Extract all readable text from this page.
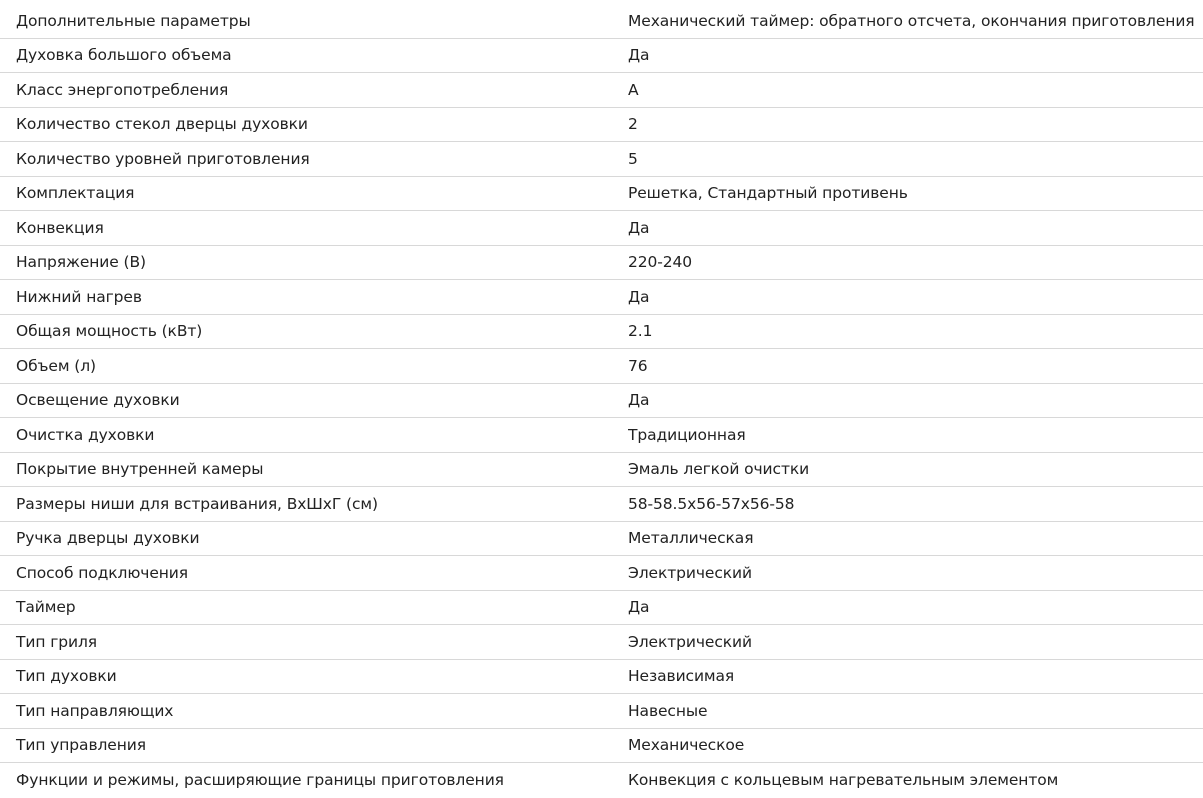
Дополнительные параметры	Механический таймер: обратного отсчета, окончания приготовления
Духовка большого объема	Да
Класс энергопотребления	A
Количество стекол дверцы духовки	2
Количество уровней приготовления	5
Комплектация	Решетка, Стандартный противень
Конвекция	Да
Напряжение (В)	220-240
Нижний нагрев	Да
Общая мощность (кВт)	2.1
Объем (л)	76
Освещение духовки	Да
Очистка духовки	Традиционная
Покрытие внутренней камеры	Эмаль легкой очистки
Размеры ниши для встраивания, ВхШхГ (см)	58-58.5x56-57x56-58
Ручка дверцы духовки	Металлическая
Способ подключения	Электрический
Таймер	Да
Тип гриля	Электрический
Тип духовки	Независимая
Тип направляющих	Навесные
Тип управления	Механическое
Функции и режимы, расширяющие границы приготовления	Конвекция с кольцевым нагревательным элементом
